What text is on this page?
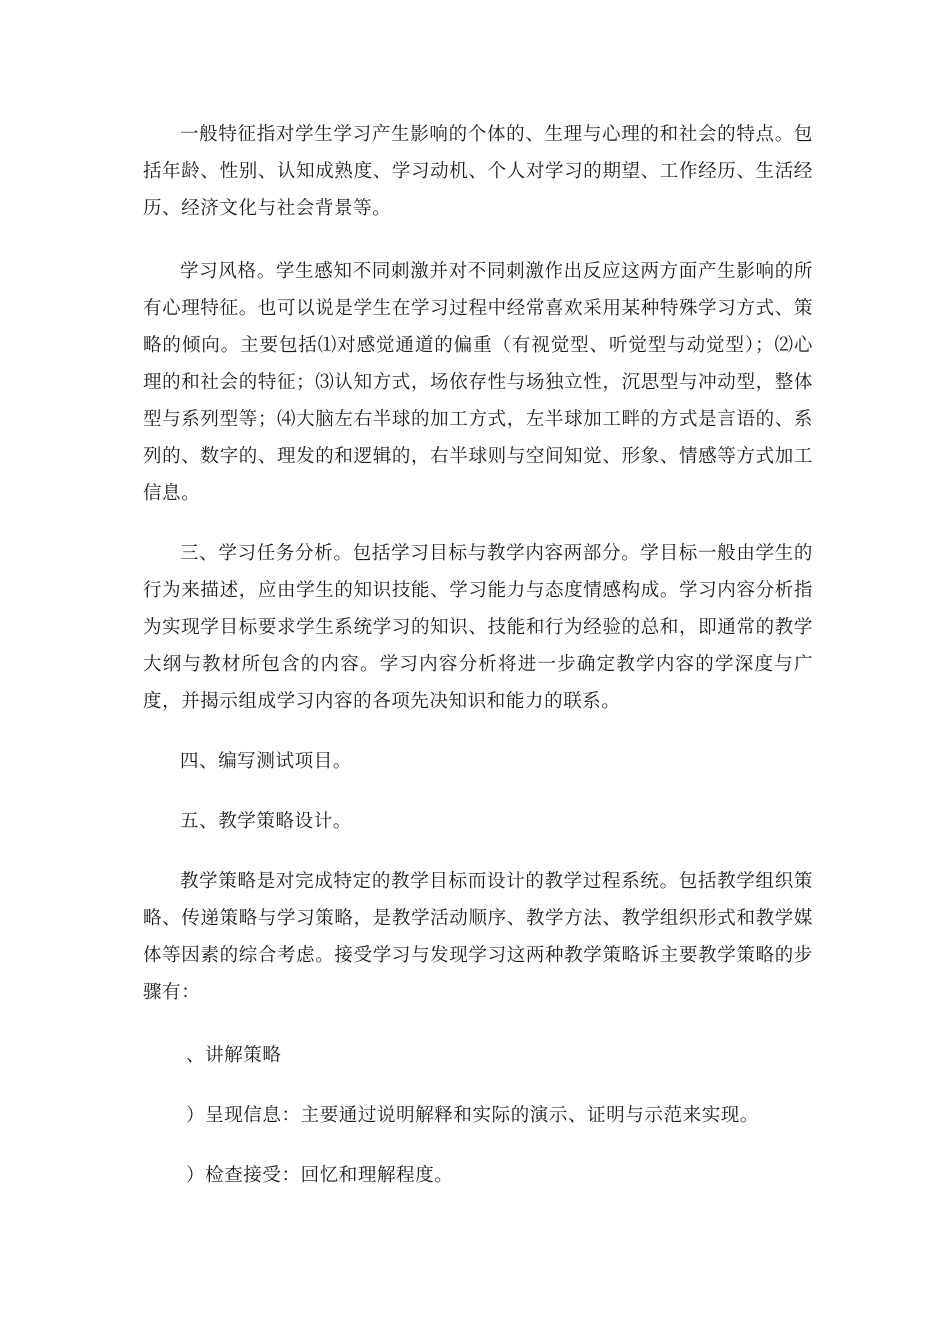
一般特征指对学生学习产生影响的个体的、生理与心理的和社会的特点。包括年龄、性别、认知成熟度、学习动机、个人对学习的期望、工作经历、生活经历、经济文化与社会背景等。

学习风格。学生感知不同刺激并对不同刺激作出反应这两方面产生影响的所有心理特征。也可以说是学生在学习过程中经常喜欢采用某种特殊学习方式、策略的倾向。主要包括⑴对感觉通道的偏重（有视觉型、听觉型与动觉型）；⑵心理的和社会的特征；⑶认知方式，场依存性与场独立性，沉思型与冲动型，整体型与系列型等；⑷大脑左右半球的加工方式，左半球加工畔的方式是言语的、系列的、数字的、理发的和逻辑的，右半球则与空间知觉、形象、情感等方式加工信息。

三、学习任务分析。包括学习目标与教学内容两部分。学目标一般由学生的行为来描述，应由学生的知识技能、学习能力与态度情感构成。学习内容分析指为实现学目标要求学生系统学习的知识、技能和行为经验的总和，即通常的教学大纲与教材所包含的内容。学习内容分析将进一步确定教学内容的学深度与广度，并揭示组成学习内容的各项先决知识和能力的联系。

四、编写测试项目。

五、教学策略设计。

教学策略是对完成特定的教学目标而设计的教学过程系统。包括教学组织策略、传递策略与学习策略，是教学活动顺序、教学方法、教学组织形式和教学媒体等因素的综合考虑。接受学习与发现学习这两种教学策略诉主要教学策略的步骤有：

、讲解策略

）呈现信息：主要通过说明解释和实际的演示、证明与示范来实现。

）检查接受：回忆和理解程度。
